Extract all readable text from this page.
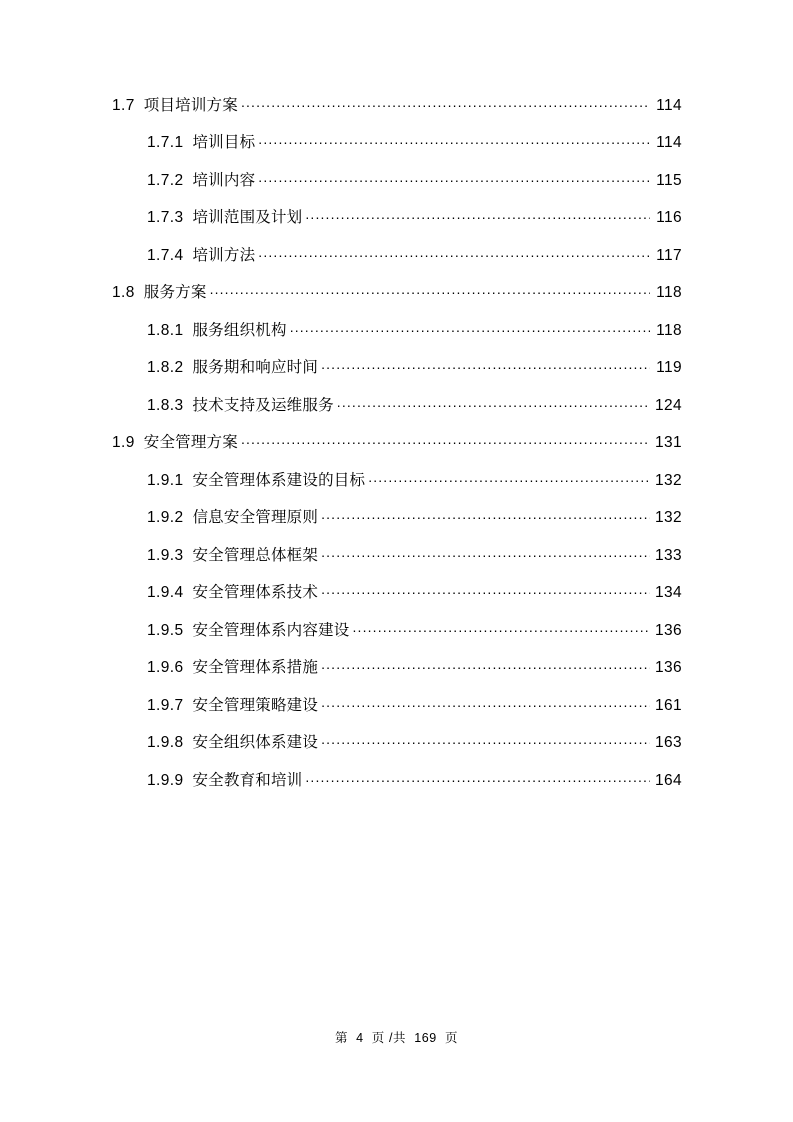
1.7 项目培训方案 .....	114
1.7.1 培训目标 .....	114
1.7.2 培训内容 .....	115
1.7.3 培训范围及计划 .....	116
1.7.4 培训方法 .....	117
1.8 服务方案 .....	118
1.8.1 服务组织机构 .....	118
1.8.2 服务期和响应时间 .....	119
1.8.3 技术支持及运维服务 .....	124
1.9 安全管理方案 .....	131
1.9.1 安全管理体系建设的目标 .....	132
1.9.2 信息安全管理原则 .....	132
1.9.3 安全管理总体框架 .....	133
1.9.4 安全管理体系技术 .....	134
1.9.5 安全管理体系内容建设 .....	136
1.9.6 安全管理体系措施 .....	136
1.9.7 安全管理策略建设 .....	161
1.9.8 安全组织体系建设 .....	163
1.9.9 安全教育和培训 .....	164
第 4 页 /共 169 页
